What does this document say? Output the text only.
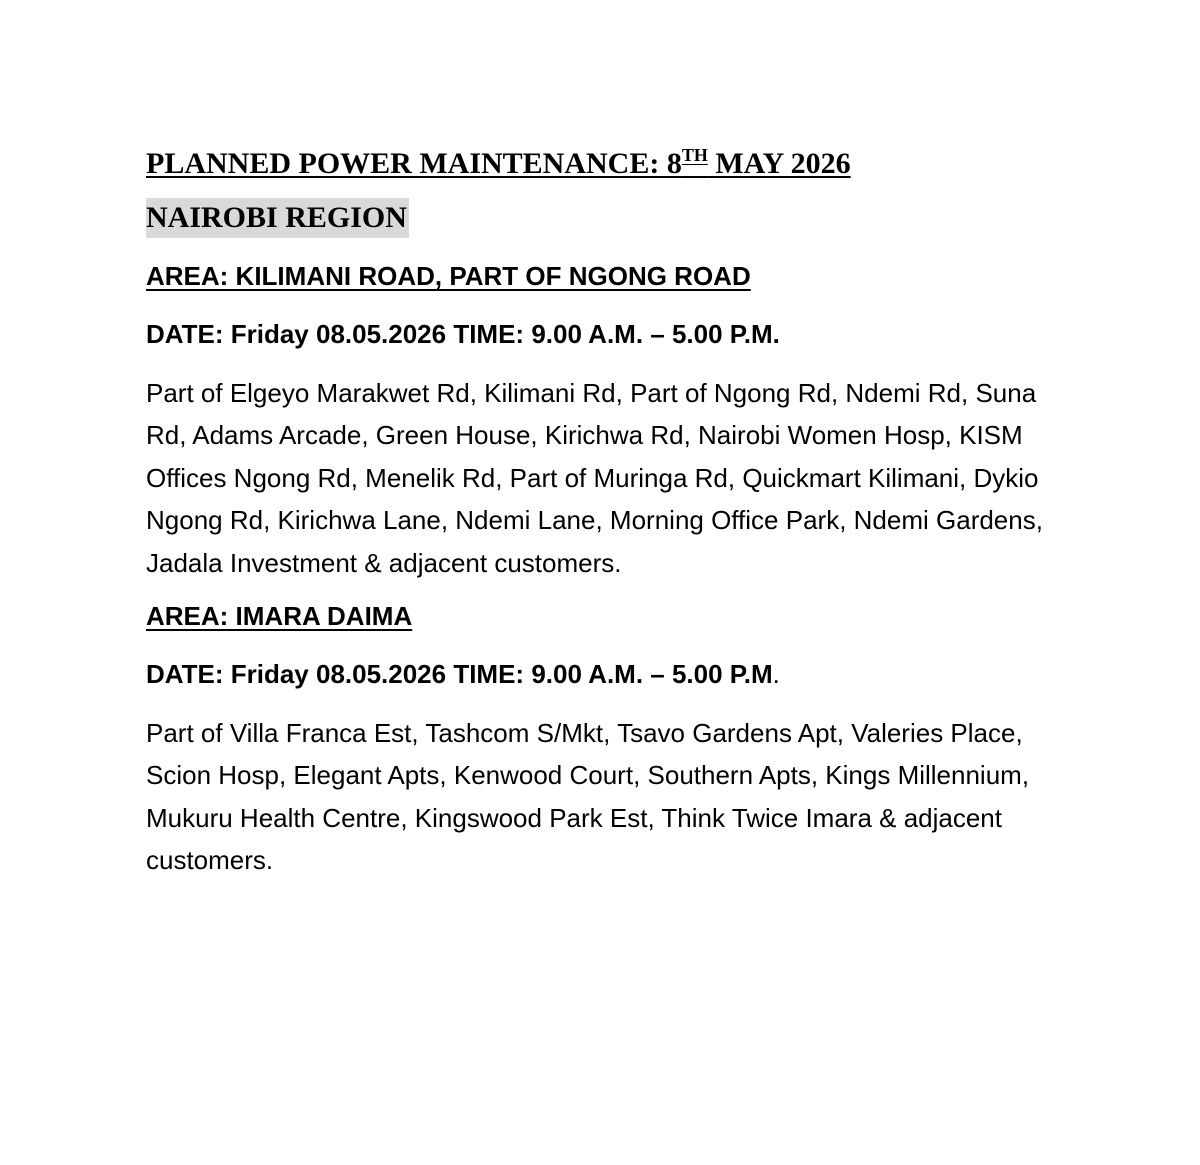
PLANNED POWER MAINTENANCE: 8TH MAY 2026
NAIROBI REGION
AREA: KILIMANI ROAD, PART OF NGONG ROAD
DATE: Friday 08.05.2026 TIME: 9.00 A.M. – 5.00 P.M.
Part of Elgeyo Marakwet Rd, Kilimani Rd, Part of Ngong Rd, Ndemi Rd, Suna Rd, Adams Arcade, Green House, Kirichwa Rd, Nairobi Women Hosp, KISM Offices Ngong Rd, Menelik Rd, Part of Muringa Rd, Quickmart Kilimani, Dykio Ngong Rd, Kirichwa Lane, Ndemi Lane, Morning Office Park, Ndemi Gardens, Jadala Investment & adjacent customers.
AREA: IMARA DAIMA
DATE: Friday 08.05.2026 TIME: 9.00 A.M. – 5.00 P.M.
Part of Villa Franca Est, Tashcom S/Mkt, Tsavo Gardens Apt, Valeries Place, Scion Hosp, Elegant Apts, Kenwood Court, Southern Apts, Kings Millennium, Mukuru Health Centre, Kingswood Park Est, Think Twice Imara & adjacent customers.
